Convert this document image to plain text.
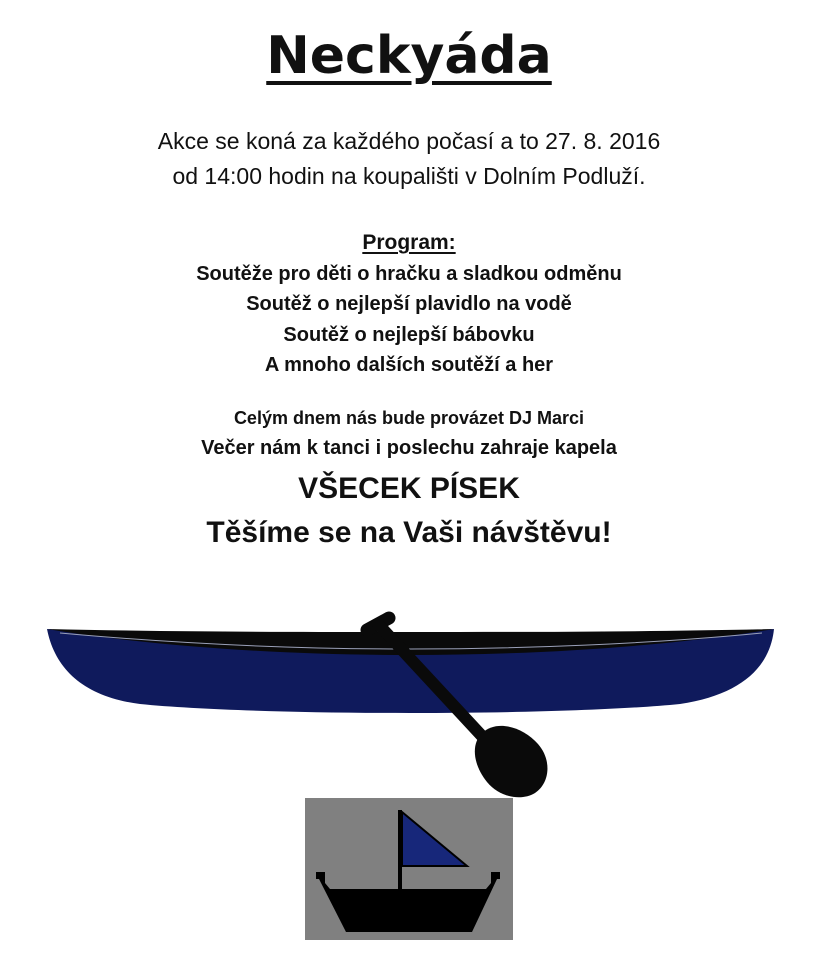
Neckyáda
Akce se koná za každého počasí a to 27. 8. 2016
od 14:00 hodin na koupališti v Dolním Podluží.
Program:
Soutěže pro děti o hračku a sladkou odměnu
Soutěž o nejlepší plavidlo na vodě
Soutěž o nejlepší bábovku
A mnoho dalších soutěží a her
Celým dnem nás bude provázet DJ Marci
Večer nám k tanci i poslechu zahraje kapela
VŠECEK PÍSEK
Těšíme se na Vaši návštěvu!
